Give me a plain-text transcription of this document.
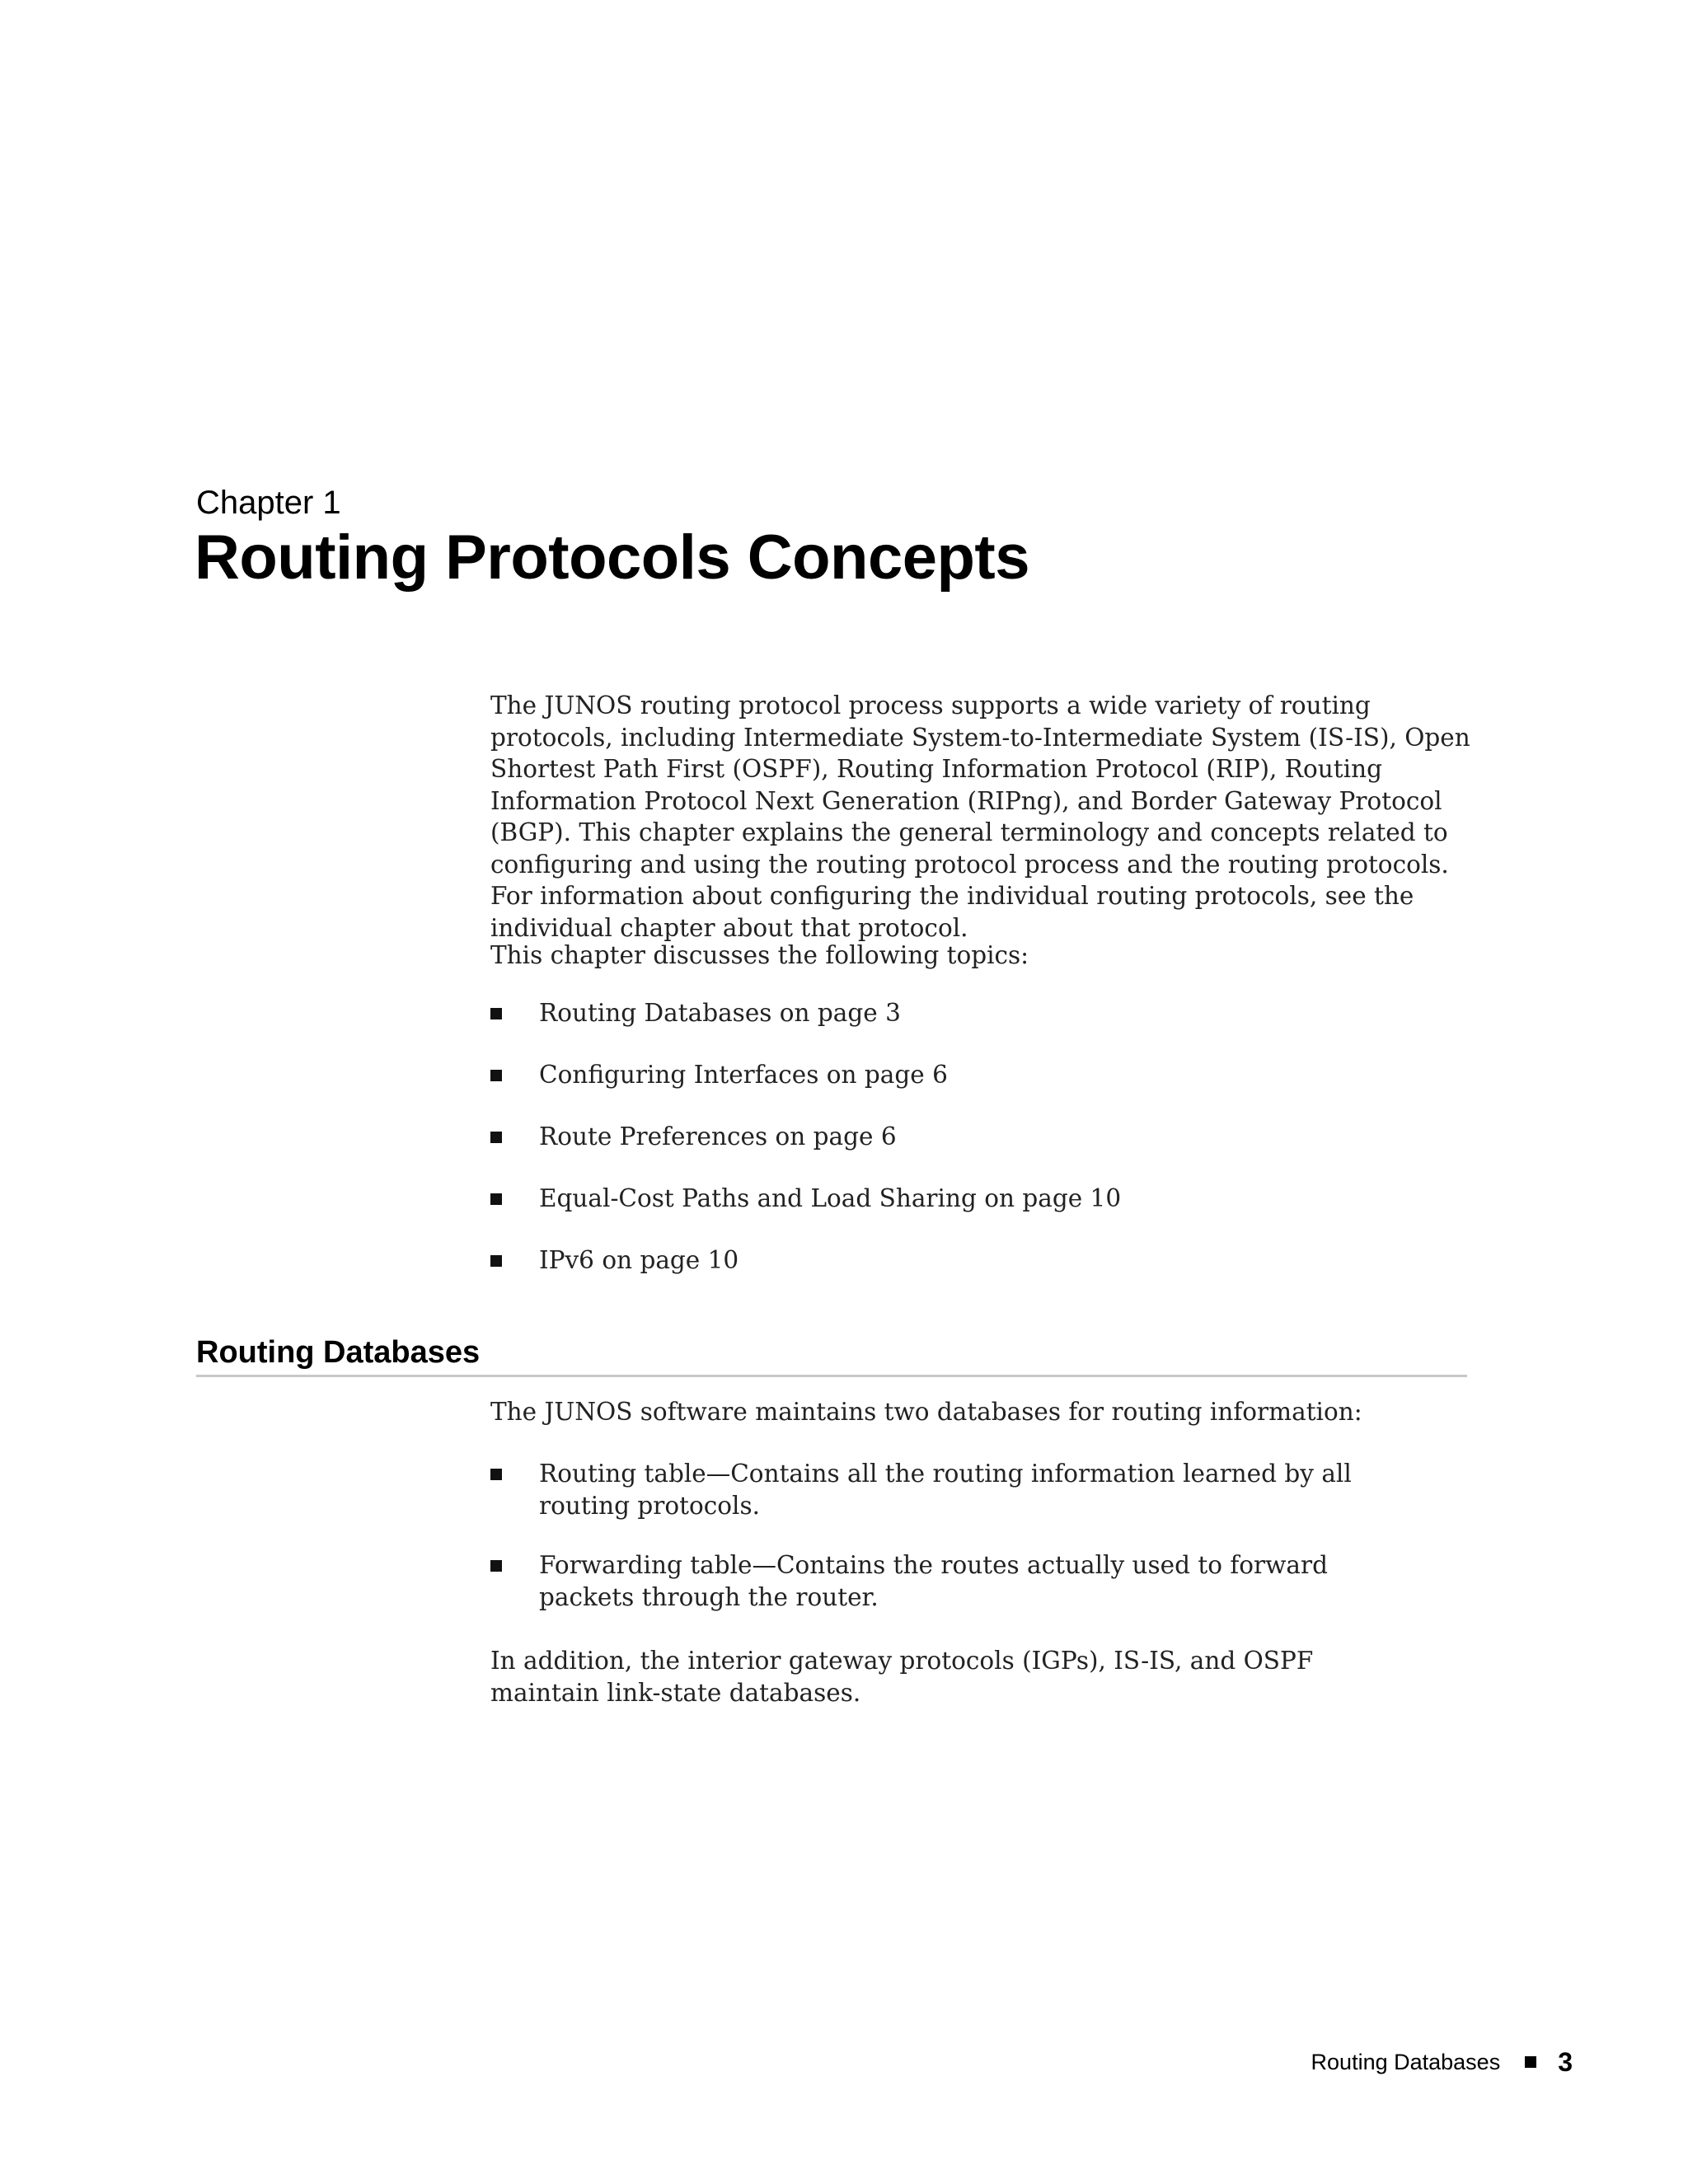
Chapter 1
Routing Protocols Concepts

The JUNOS routing protocol process supports a wide variety of routing protocols, including Intermediate System-to-Intermediate System (IS-IS), Open Shortest Path First (OSPF), Routing Information Protocol (RIP), Routing Information Protocol Next Generation (RIPng), and Border Gateway Protocol (BGP). This chapter explains the general terminology and concepts related to configuring and using the routing protocol process and the routing protocols. For information about configuring the individual routing protocols, see the individual chapter about that protocol.

This chapter discusses the following topics:

Routing Databases on page 3
Configuring Interfaces on page 6
Route Preferences on page 6
Equal-Cost Paths and Load Sharing on page 10
IPv6 on page 10
Routing Databases

The JUNOS software maintains two databases for routing information:

Routing table—Contains all the routing information learned by all routing protocols.
Forwarding table—Contains the routes actually used to forward packets through the router.

In addition, the interior gateway protocols (IGPs), IS-IS, and OSPF maintain link-state databases.

Routing Databases 3
